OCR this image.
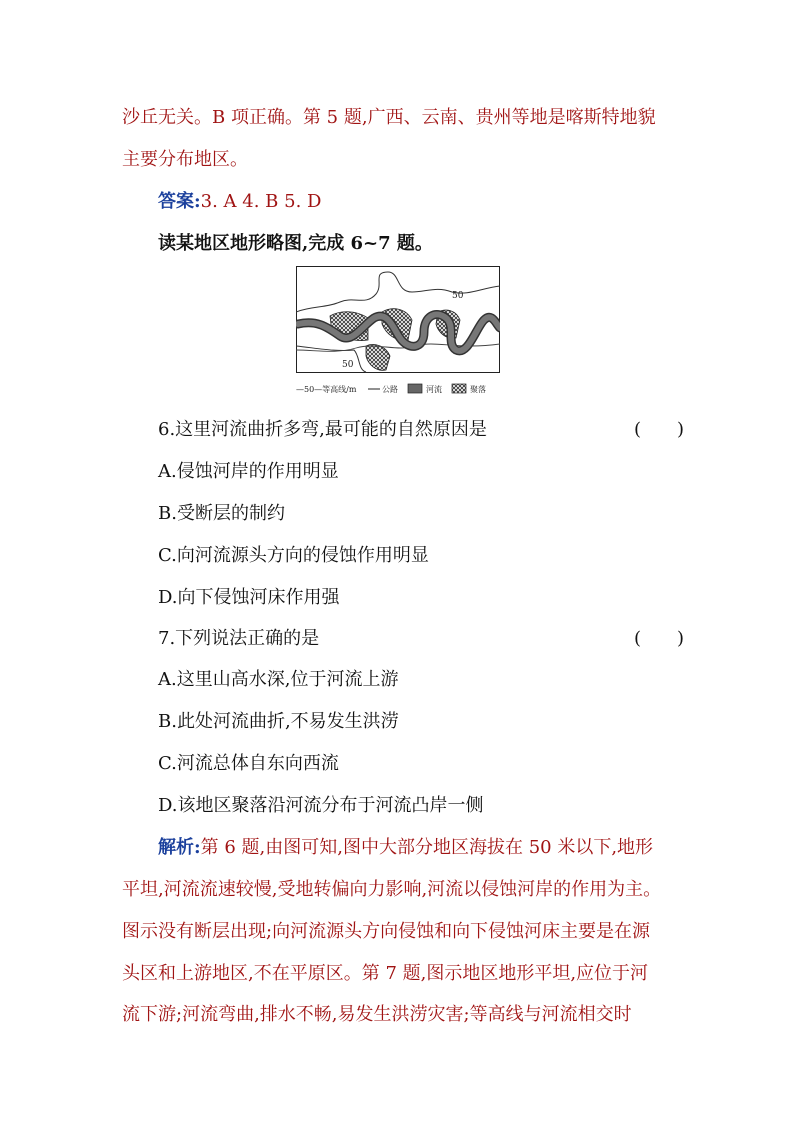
沙丘无关。B 项正确。第 5 题,广西、云南、贵州等地是喀斯特地貌
主要分布地区。
答案:3. A 4. B 5. D
读某地区地形略图,完成 6~7 题。
50
50
—50—等高线/m	公路	河流	聚落
6.这里河流曲折多弯,最可能的自然原因是	(　　)
A.侵蚀河岸的作用明显
B.受断层的制约
C.向河流源头方向的侵蚀作用明显
D.向下侵蚀河床作用强
7.下列说法正确的是	(　　)
A.这里山高水深,位于河流上游
B.此处河流曲折,不易发生洪涝
C.河流总体自东向西流
D.该地区聚落沿河流分布于河流凸岸一侧
解析:第 6 题,由图可知,图中大部分地区海拔在 50 米以下,地形
平坦,河流流速较慢,受地转偏向力影响,河流以侵蚀河岸的作用为主。
图示没有断层出现;向河流源头方向侵蚀和向下侵蚀河床主要是在源
头区和上游地区,不在平原区。第 7 题,图示地区地形平坦,应位于河
流下游;河流弯曲,排水不畅,易发生洪涝灾害;等高线与河流相交时
